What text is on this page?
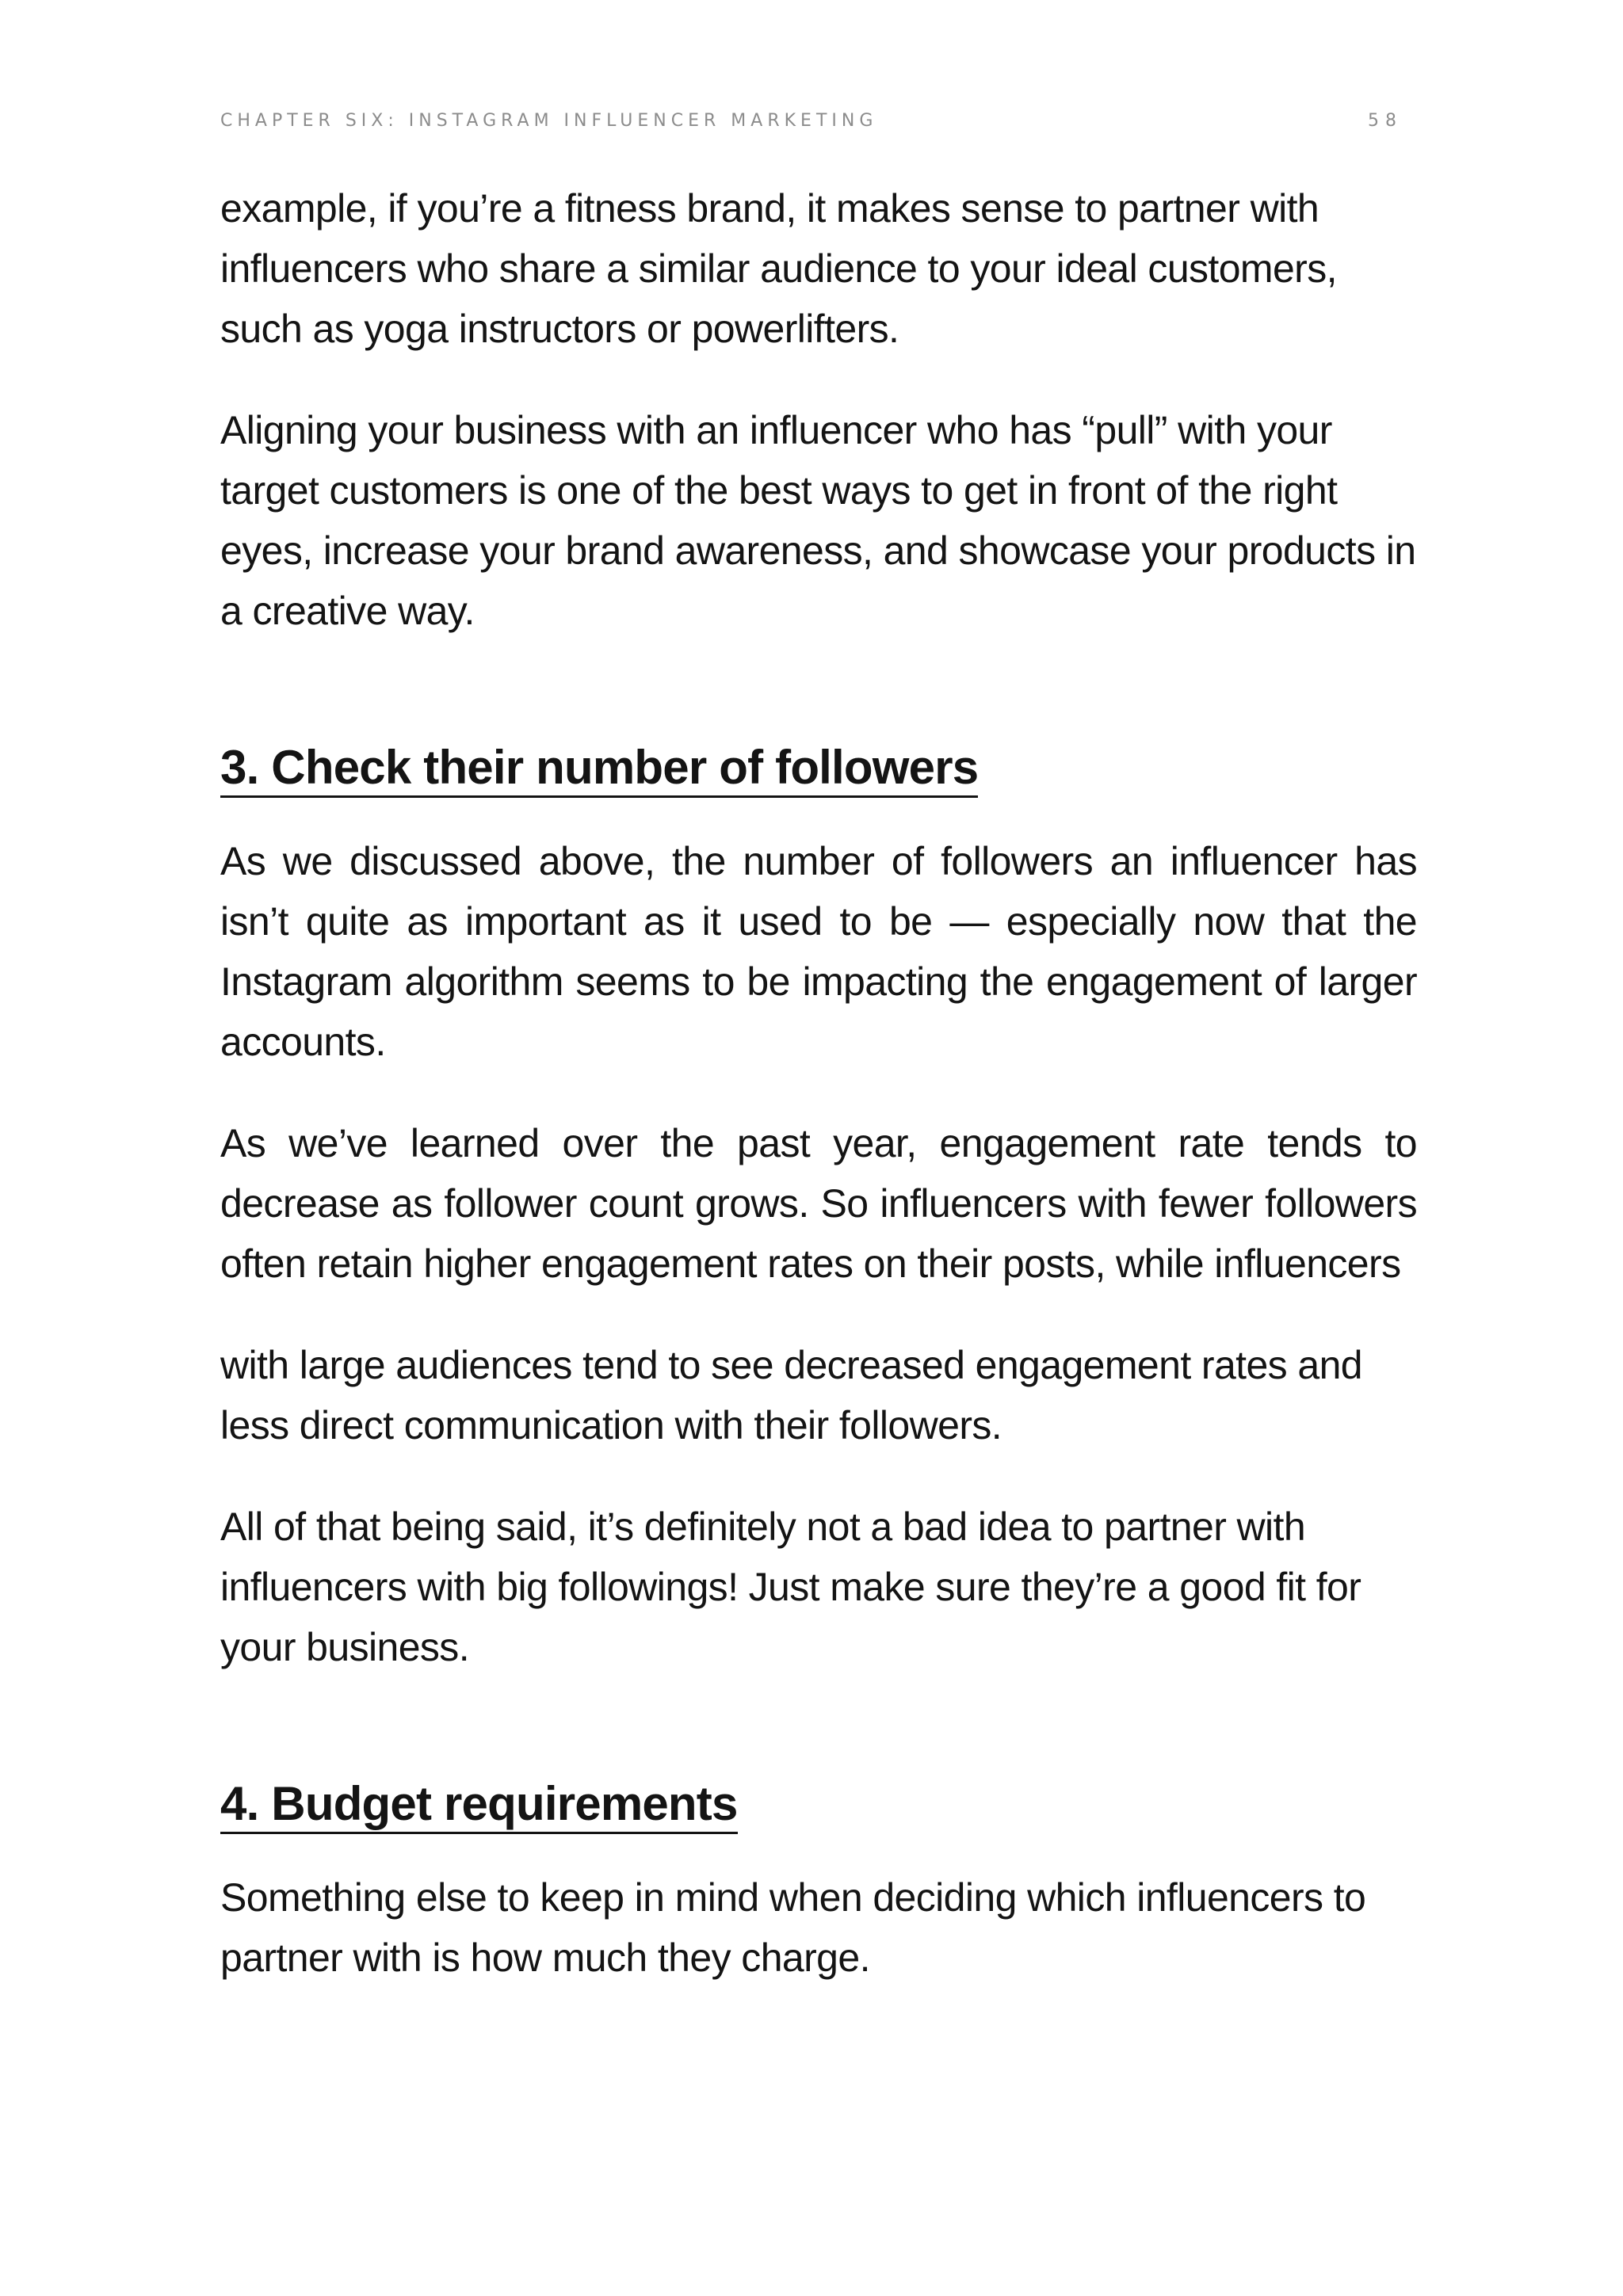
CHAPTER SIX: INSTAGRAM INFLUENCER MARKETING	58

example, if you’re a fitness brand, it makes sense to partner with influencers who share a similar audience to your ideal customers, such as yoga instructors or powerlifters.

Aligning your business with an influencer who has “pull” with your target customers is one of the best ways to get in front of the right eyes, increase your brand awareness, and showcase your products in a creative way.

3. Check their number of followers

As we discussed above, the number of followers an influencer has isn’t quite as important as it used to be — especially now that the Instagram algorithm seems to be impacting the engagement of larger accounts.

As we’ve learned over the past year, engagement rate tends to decrease as follower count grows. So influencers with fewer followers often retain higher engagement rates on their posts, while influencers

with large audiences tend to see decreased engagement rates and less direct communication with their followers.

All of that being said, it’s definitely not a bad idea to partner with influencers with big followings! Just make sure they’re a good fit for your business.

4. Budget requirements

Something else to keep in mind when deciding which influencers to partner with is how much they charge.
